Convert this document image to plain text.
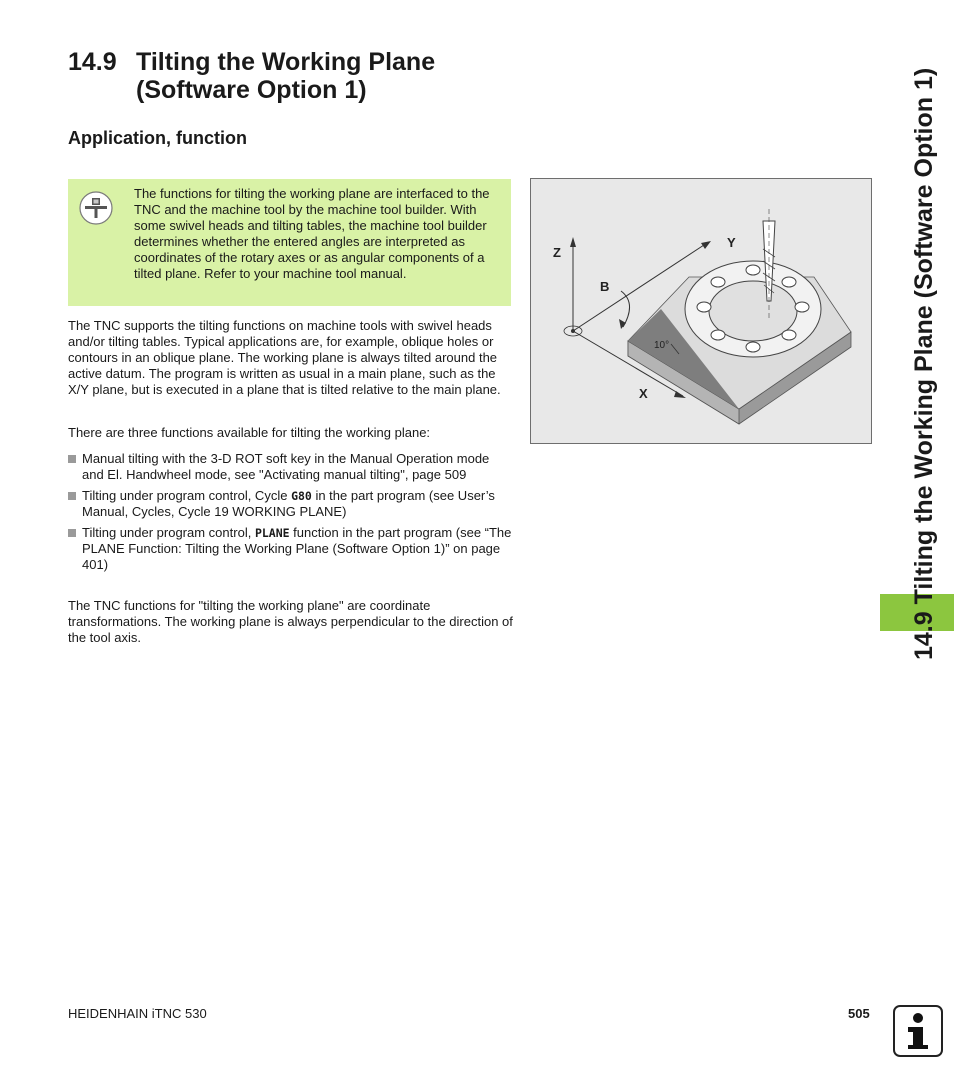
14.9 Tilting the Working Plane
(Software Option 1)
Application, function
The functions for tilting the working plane are interfaced to the TNC and the machine tool by the machine tool builder. With some swivel heads and tilting tables, the machine tool builder determines whether the entered angles are interpreted as coordinates of the rotary axes or as angular components of a tilted plane. Refer to your machine tool manual.

The TNC supports the tilting functions on machine tools with swivel heads and/or tilting tables. Typical applications are, for example, oblique holes or contours in an oblique plane. The working plane is always tilted around the active datum. The program is written as usual in a main plane, such as the X/Y plane, but is executed in a plane that is tilted relative to the main plane.

There are three functions available for tilting the working plane:

Manual tilting with the 3-D ROT soft key in the Manual Operation mode and El. Handwheel mode, see "Activating manual tilting", page 509
Tilting under program control, Cycle G80 in the part program (see User’s Manual, Cycles, Cycle 19 WORKING PLANE)
Tilting under program control, PLANE function in the part program (see “The PLANE Function: Tilting the Working Plane (Software Option 1)” on page 401)

The TNC functions for "tilting the working plane" are coordinate transformations. The working plane is always perpendicular to the direction of the tool axis.

Z
Y
B
X
10°	14.9 Tilting the Working Plane (Software Option 1)
HEIDENHAIN iTNC 530	505
